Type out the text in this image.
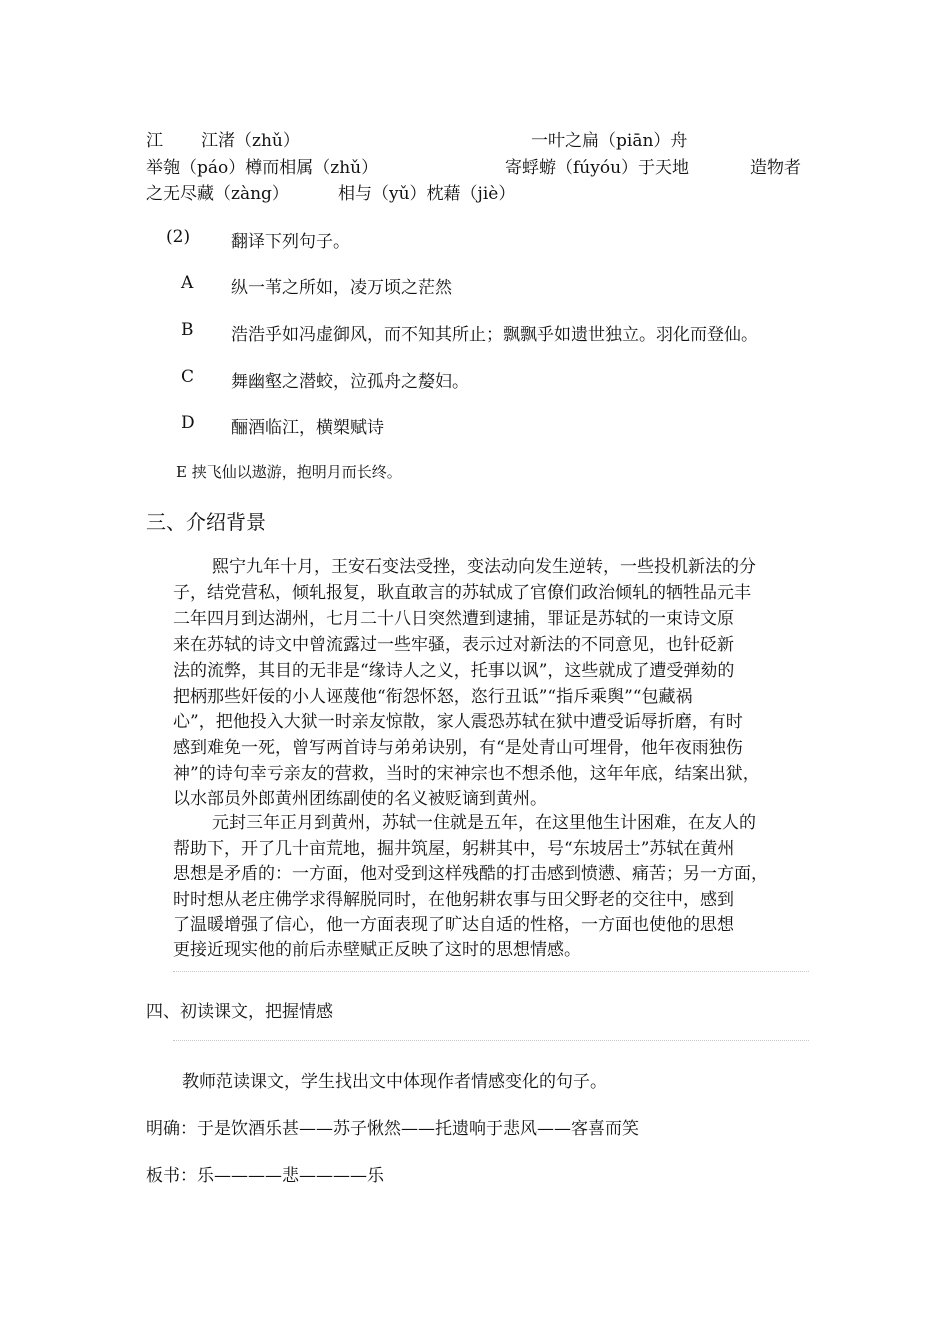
江 江渚（zhǔ）	一叶之扁（piān）舟
举匏（páo）樽而相属（zhǔ）	寄蜉蝣（fúyóu）于天地	造物者
之无尽藏（zàng）	相与（yǔ）枕藉（jiè）
(2) 翻译下列句子。
A 纵一苇之所如，凌万顷之茫然
B 浩浩乎如冯虚御风，而不知其所止；飘飘乎如遗世独立。羽化而登仙。
C 舞幽壑之潜蛟，泣孤舟之嫠妇。
D 酾酒临江，横槊赋诗
E 挟飞仙以遨游，抱明月而长终。
三、介绍背景
熙宁九年十月，王安石变法受挫，变法动向发生逆转，一些投机新法的分
子，结党营私，倾轧报复，耿直敢言的苏轼成了官僚们政治倾轧的牺牲品元丰
二年四月到达湖州，七月二十八日突然遭到逮捕，罪证是苏轼的一束诗文原
来在苏轼的诗文中曾流露过一些牢骚，表示过对新法的不同意见，也针砭新
法的流弊，其目的无非是“缘诗人之义，托事以讽”，这些就成了遭受弹劾的
把柄那些奸佞的小人诬蔑他“衔怨怀怒，恣行丑诋”“指斥乘舆”“包藏祸
心”，把他投入大狱一时亲友惊散，家人震恐苏轼在狱中遭受诟辱折磨，有时
感到难免一死，曾写两首诗与弟弟诀别，有“是处青山可埋骨，他年夜雨独伤
神”的诗句幸亏亲友的营救，当时的宋神宗也不想杀他，这年年底，结案出狱，
以水部员外郎黄州团练副使的名义被贬谪到黄州。
元封三年正月到黄州，苏轼一住就是五年，在这里他生计困难，在友人的
帮助下，开了几十亩荒地，掘井筑屋，躬耕其中，号“东坡居士”苏轼在黄州
思想是矛盾的：一方面，他对受到这样残酷的打击感到愤懑、痛苦；另一方面，
时时想从老庄佛学求得解脱同时，在他躬耕农事与田父野老的交往中，感到
了温暖增强了信心，他一方面表现了旷达自适的性格，一方面也使他的思想
更接近现实他的前后赤壁赋正反映了这时的思想情感。
四、初读课文，把握情感
教师范读课文，学生找出文中体现作者情感变化的句子。
明确：于是饮酒乐甚——苏子愀然——托遗响于悲风——客喜而笑
板书：乐————悲————乐
